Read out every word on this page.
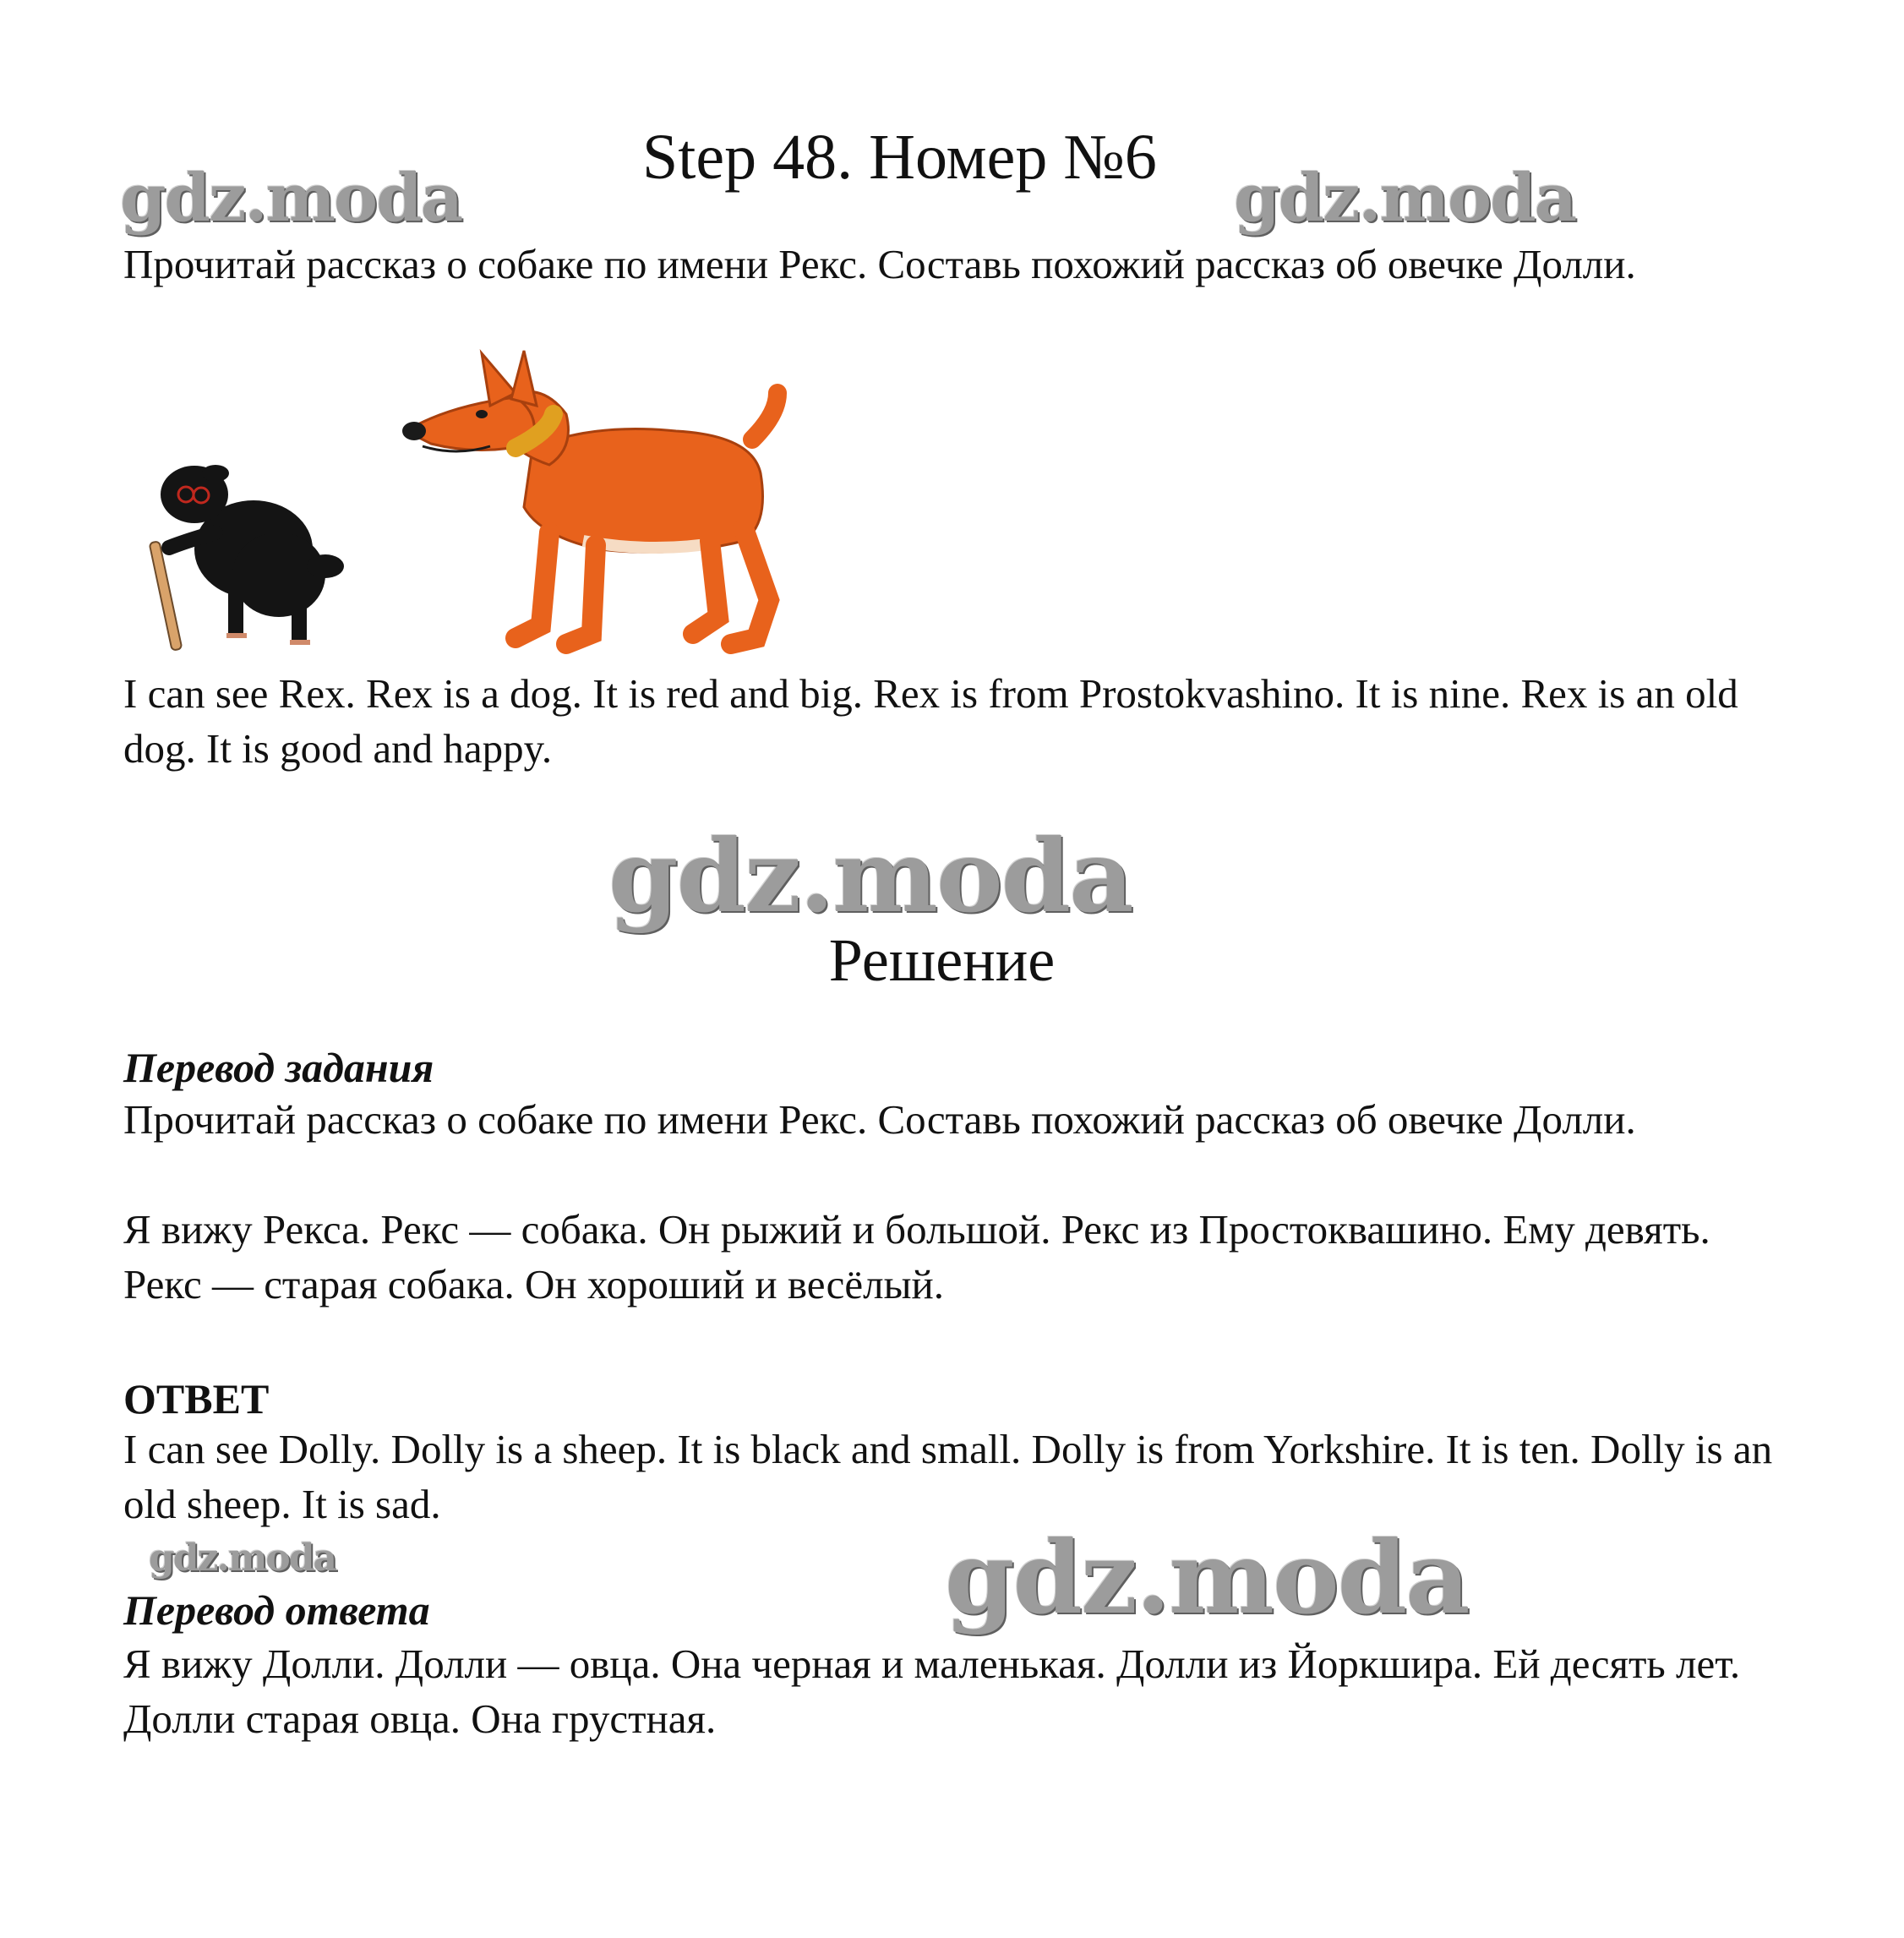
Step 48. Номер №6
gdz.moda	gdz.moda
Прочитай рассказ о собаке по имени Рекс. Составь похожий рассказ об овечке Долли.
I can see Rex. Rex is a dog. It is red and big. Rex is from Prostokvashino. It is nine. Rex is an old dog. It is good and happy.
gdz.moda
Решение
Перевод задания
Прочитай рассказ о собаке по имени Рекс. Составь похожий рассказ об овечке Долли.
Я вижу Рекса. Рекс — собака. Он рыжий и большой. Рекс из Простоквашино. Ему девять. Рекс — старая собака. Он хороший и весёлый.
ОТВЕТ
I can see Dolly. Dolly is a sheep. It is black and small. Dolly is from Yorkshire. It is ten. Dolly is an old sheep. It is sad.
gdz.moda	gdz.moda
Перевод ответа
Я вижу Долли. Долли — овца. Она черная и маленькая. Долли из Йоркшира. Ей десять лет. Долли старая овца. Она грустная.
